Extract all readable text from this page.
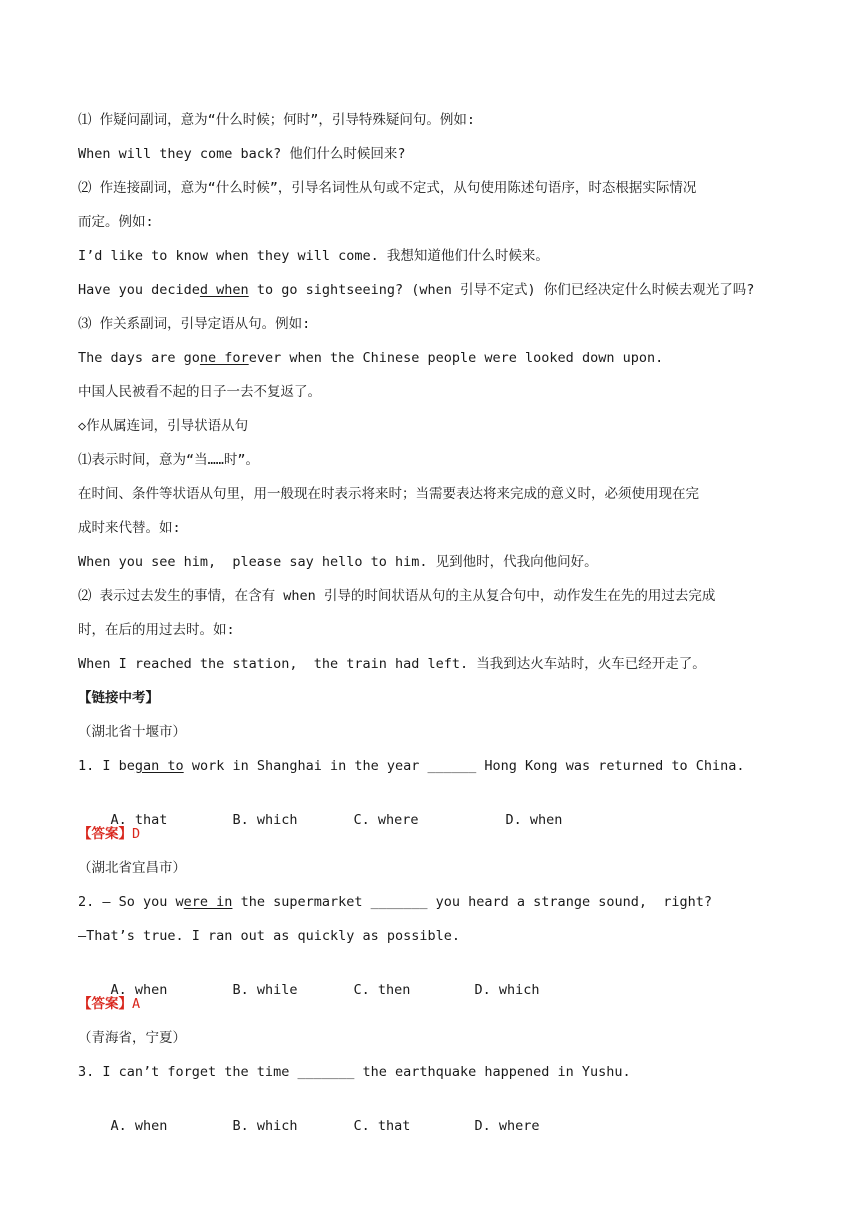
⑴ 作疑问副词，意为“什么时候；何时”，引导特殊疑问句。例如:
When will they come back? 他们什么时候回来?
⑵ 作连接副词，意为“什么时候”，引导名词性从句或不定式，从句使用陈述句语序，时态根据实际情况
而定。例如:
I’d like to know when they will come. 我想知道他们什么时候来。
Have you decided when to go sightseeing? (when 引导不定式) 你们已经决定什么时候去观光了吗?
⑶ 作关系副词，引导定语从句。例如:
The days are gone forever when the Chinese people were looked down upon.
中国人民被看不起的日子一去不复返了。
◇作从属连词，引导状语从句
⑴表示时间，意为“当……时”。
在时间、条件等状语从句里，用一般现在时表示将来时；当需要表达将来完成的意义时，必须使用现在完
成时来代替。如:
When you see him,  please say hello to him. 见到他时，代我向他问好。
⑵ 表示过去发生的事情，在含有 when 引导的时间状语从句的主从复合句中，动作发生在先的用过去完成
时，在后的用过去时。如:
When I reached the station,  the train had left. 当我到达火车站时，火车已经开走了。
【链接中考】
（湖北省十堰市）
1. I began to work in Shanghai in the year ______ Hong Kong was returned to China.

A. that	B. which	C. where	D. when

【答案】D
（湖北省宜昌市）
2. — So you were in the supermarket _______ you heard a strange sound,  right?
—That’s true. I ran out as quickly as possible.

A. when	B. while	C. then	D. which

【答案】A
（青海省，宁夏）
3. I can’t forget the time _______ the earthquake happened in Yushu.

A. when	B. which	C. that	D. where
